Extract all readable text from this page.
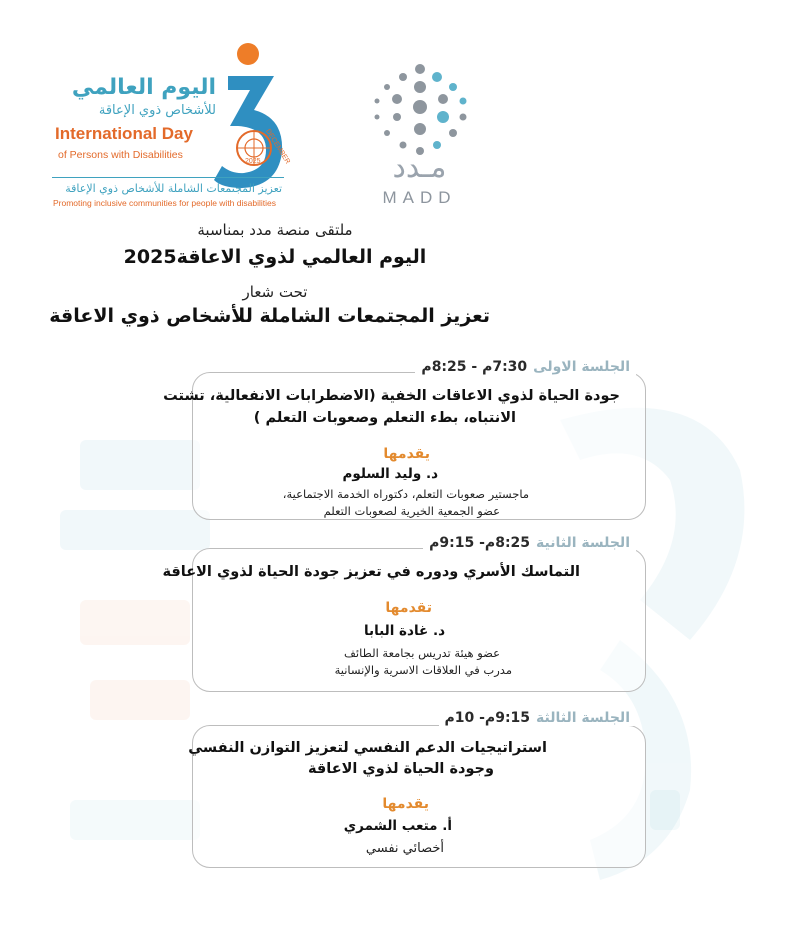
اليوم العالمي
للأشخاص ذوي الإعاقة
International Day
of Persons with Disabilities	DECEMBER
2025
تعزيز المجتمعات الشاملة للأشخاص ذوي الإعاقة
Promoting inclusive communities for people with disabilities
مـدد
MADD
ملتقى منصة مدد بمناسبة
اليوم العالمي لذوي الاعاقة2025
تحت شعار
تعزيز المجتمعات الشاملة للأشخاص ذوي الاعاقة
الجلسة الاولى7:30م - 8:25م
جودة الحياة لذوي الاعاقات الخفية (الاضطرابات الانفعالية، تشتت
الانتباه، بطء التعلم وصعوبات التعلم )
يقدمها
د. وليد السلوم
ماجستير صعوبات التعلم، دكتوراه الخدمة الاجتماعية،
عضو الجمعية الخيرية لصعوبات التعلم
الجلسة الثانية8:25م- 9:15م
التماسك الأسري ودوره في تعزيز جودة الحياة لذوي الاعاقة
تقدمها
د. غادة البابا
عضو هيئة تدريس بجامعة الطائف
مدرب في العلاقات الاسرية والإنسانية
الجلسة الثالثة9:15م- 10م
استراتيجيات الدعم النفسي لتعزيز التوازن النفسي
وجودة الحياة لذوي الاعاقة
يقدمها
أ. متعب الشمري
أخصائي نفسي
